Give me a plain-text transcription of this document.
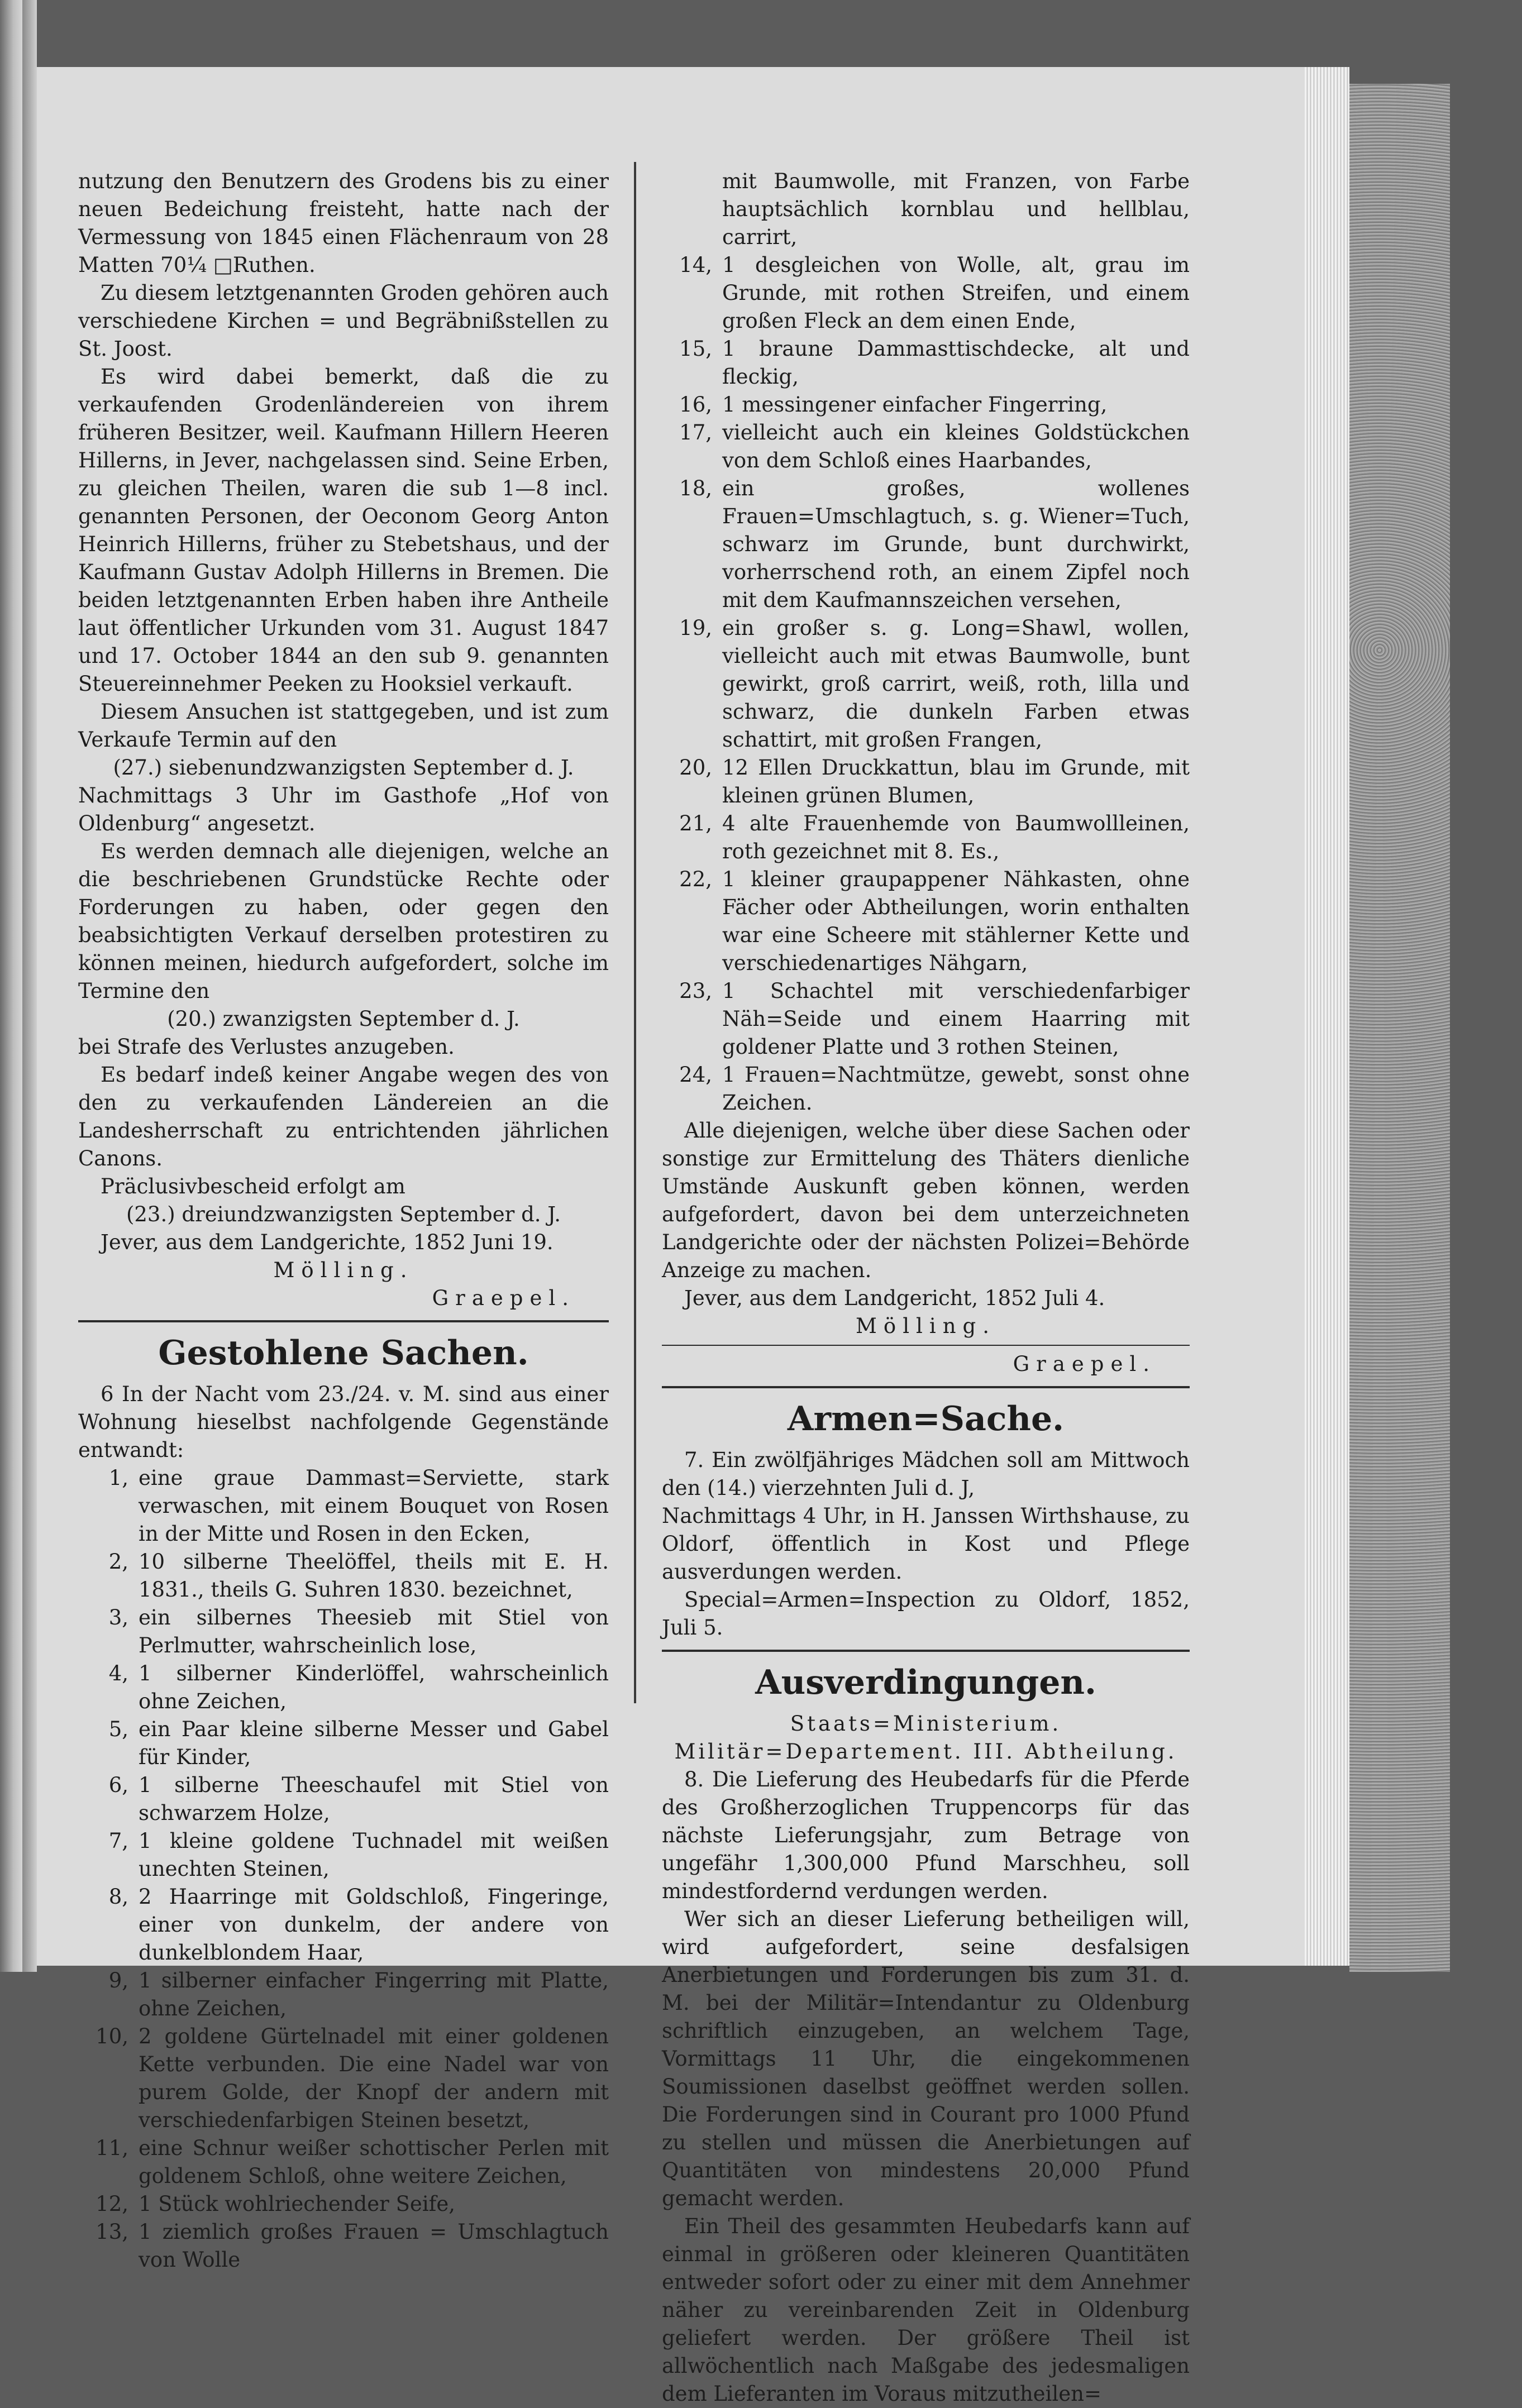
nutzung den Benutzern des Grodens bis zu einer neuen Bedeichung freisteht, hatte nach der Vermessung von 1845 einen Flächenraum von 28 Matten 70¼ □Ruthen.

Zu diesem letztgenannten Groden gehören auch verschiedene Kirchen = und Begräbnißstellen zu St. Joost.

Es wird dabei bemerkt, daß die zu verkaufenden Grodenländereien von ihrem früheren Besitzer, weil. Kaufmann Hillern Heeren Hillerns, in Jever, nachgelassen sind. Seine Erben, zu gleichen Theilen, waren die sub 1—8 incl. genannten Personen, der Oeconom Georg Anton Heinrich Hillerns, früher zu Stebetshaus, und der Kaufmann Gustav Adolph Hillerns in Bremen. Die beiden letztgenannten Erben haben ihre Antheile laut öffentlicher Urkunden vom 31. August 1847 und 17. October 1844 an den sub 9. genannten Steuereinnehmer Peeken zu Hooksiel verkauft.

Diesem Ansuchen ist stattgegeben, und ist zum Verkaufe Termin auf den

(27.) siebenundzwanzigsten September d. J.

Nachmittags 3 Uhr im Gasthofe „Hof von Oldenburg“ angesetzt.

Es werden demnach alle diejenigen, welche an die beschriebenen Grundstücke Rechte oder Forderungen zu haben, oder gegen den beabsichtigten Verkauf derselben protestiren zu können meinen, hiedurch aufgefordert, solche im Termine den

(20.) zwanzigsten September d. J.

bei Strafe des Verlustes anzugeben.

Es bedarf indeß keiner Angabe wegen des von den zu verkaufenden Ländereien an die Landesherrschaft zu entrichtenden jährlichen Canons.

Präclusivbescheid erfolgt am

(23.) dreiundzwanzigsten September d. J.

Jever, aus dem Landgerichte, 1852 Juni 19.

Mölling.

Graepel.

Gestohlene Sachen.

6 In der Nacht vom 23./24. v. M. sind aus einer Wohnung hieselbst nachfolgende Gegenstände entwandt:

1, eine graue Dammast=Serviette, stark verwaschen, mit einem Bouquet von Rosen in der Mitte und Rosen in den Ecken,
2, 10 silberne Theelöffel, theils mit E. H. 1831., theils G. Suhren 1830. bezeichnet,
3, ein silbernes Theesieb mit Stiel von Perlmutter, wahrscheinlich lose,
4, 1 silberner Kinderlöffel, wahrscheinlich ohne Zeichen,
5, ein Paar kleine silberne Messer und Gabel für Kinder,
6, 1 silberne Theeschaufel mit Stiel von schwarzem Holze,
7, 1 kleine goldene Tuchnadel mit weißen unechten Steinen,
8, 2 Haarringe mit Goldschloß, Fingeringe, einer von dunkelm, der andere von dunkelblondem Haar,
9, 1 silberner einfacher Fingerring mit Platte, ohne Zeichen,
10, 2 goldene Gürtelnadel mit einer goldenen Kette verbunden. Die eine Nadel war von purem Golde, der Knopf der andern mit verschiedenfarbigen Steinen besetzt,
11, eine Schnur weißer schottischer Perlen mit goldenem Schloß, ohne weitere Zeichen,
12, 1 Stück wohlriechender Seife,
13, 1 ziemlich großes Frauen = Umschlagtuch von Wolle
mit Baumwolle, mit Franzen, von Farbe hauptsächlich kornblau und hellblau, carrirt,
14, 1 desgleichen von Wolle, alt, grau im Grunde, mit rothen Streifen, und einem großen Fleck an dem einen Ende,
15, 1 braune Dammasttischdecke, alt und fleckig,
16, 1 messingener einfacher Fingerring,
17, vielleicht auch ein kleines Goldstückchen von dem Schloß eines Haarbandes,
18, ein großes, wollenes Frauen=Umschlagtuch, s. g. Wiener=Tuch, schwarz im Grunde, bunt durchwirkt, vorherrschend roth, an einem Zipfel noch mit dem Kaufmannszeichen versehen,
19, ein großer s. g. Long=Shawl, wollen, vielleicht auch mit etwas Baumwolle, bunt gewirkt, groß carrirt, weiß, roth, lilla und schwarz, die dunkeln Farben etwas schattirt, mit großen Frangen,
20, 12 Ellen Druckkattun, blau im Grunde, mit kleinen grünen Blumen,
21, 4 alte Frauenhemde von Baumwollleinen, roth gezeichnet mit 8. Es.,
22, 1 kleiner graupappener Nähkasten, ohne Fächer oder Abtheilungen, worin enthalten war eine Scheere mit stählerner Kette und verschiedenartiges Nähgarn,
23, 1 Schachtel mit verschiedenfarbiger Näh=Seide und einem Haarring mit goldener Platte und 3 rothen Steinen,
24, 1 Frauen=Nachtmütze, gewebt, sonst ohne Zeichen.

Alle diejenigen, welche über diese Sachen oder sonstige zur Ermittelung des Thäters dienliche Umstände Auskunft geben können, werden aufgefordert, davon bei dem unterzeichneten Landgerichte oder der nächsten Polizei=Behörde Anzeige zu machen.

Jever, aus dem Landgericht, 1852 Juli 4.

Mölling.

Graepel.

Armen=Sache.

7. Ein zwölfjähriges Mädchen soll am Mittwoch den (14.) vierzehnten Juli d. J,

Nachmittags 4 Uhr, in H. Janssen Wirthshause, zu Oldorf, öffentlich in Kost und Pflege ausverdungen werden.

Special=Armen=Inspection zu Oldorf, 1852, Juli 5.

Ausverdingungen.

Staats=Ministerium. Militär=Departement. III. Abtheilung.

8. Die Lieferung des Heubedarfs für die Pferde des Großherzoglichen Truppencorps für das nächste Lieferungsjahr, zum Betrage von ungefähr 1,300,000 Pfund Marschheu, soll mindestfordernd verdungen werden.

Wer sich an dieser Lieferung betheiligen will, wird aufgefordert, seine desfalsigen Anerbietungen und Forderungen bis zum 31. d. M. bei der Militär=Intendantur zu Oldenburg schriftlich einzugeben, an welchem Tage, Vormittags 11 Uhr, die eingekommenen Soumissionen daselbst geöffnet werden sollen. Die Forderungen sind in Courant pro 1000 Pfund zu stellen und müssen die Anerbietungen auf Quantitäten von mindestens 20,000 Pfund gemacht werden.

Ein Theil des gesammten Heubedarfs kann auf einmal in größeren oder kleineren Quantitäten entweder sofort oder zu einer mit dem Annehmer näher zu vereinbarenden Zeit in Oldenburg geliefert werden. Der größere Theil ist allwöchentlich nach Maßgabe des jedesmaligen dem Lieferanten im Voraus mitzutheilen=
